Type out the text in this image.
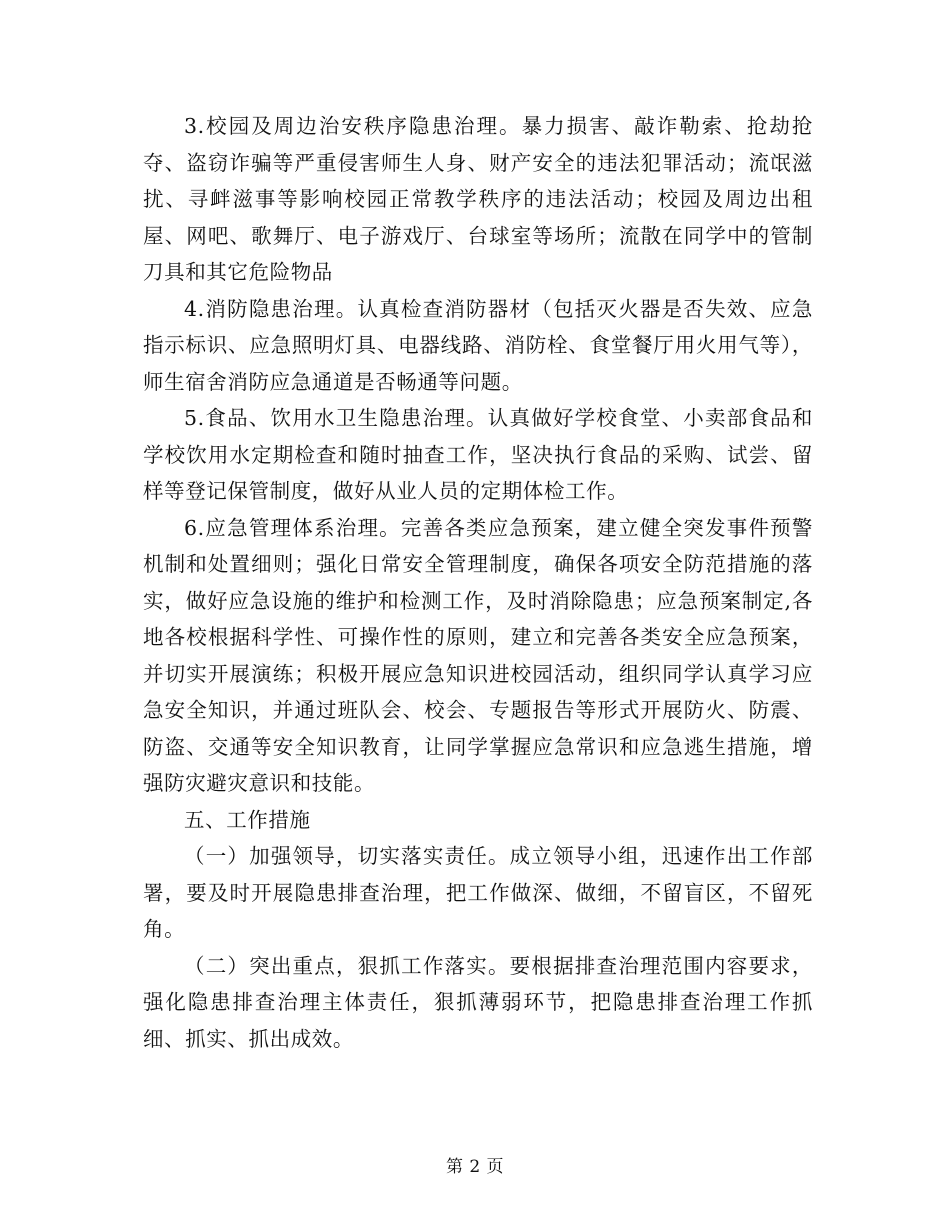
3.校园及周边治安秩序隐患治理。暴力损害、敲诈勒索、抢劫抢夺、盗窃诈骗等严重侵害师生人身、财产安全的违法犯罪活动；流氓滋扰、寻衅滋事等影响校园正常教学秩序的违法活动；校园及周边出租屋、网吧、歌舞厅、电子游戏厅、台球室等场所；流散在同学中的管制刀具和其它危险物品

4.消防隐患治理。认真检查消防器材（包括灭火器是否失效、应急指示标识、应急照明灯具、电器线路、消防栓、食堂餐厅用火用气等），师生宿舍消防应急通道是否畅通等问题。

5.食品、饮用水卫生隐患治理。认真做好学校食堂、小卖部食品和学校饮用水定期检查和随时抽查工作，坚决执行食品的采购、试尝、留样等登记保管制度，做好从业人员的定期体检工作。

6.应急管理体系治理。完善各类应急预案，建立健全突发事件预警机制和处置细则；强化日常安全管理制度，确保各项安全防范措施的落实，做好应急设施的维护和检测工作，及时消除隐患；应急预案制定,各地各校根据科学性、可操作性的原则，建立和完善各类安全应急预案，并切实开展演练；积极开展应急知识进校园活动，组织同学认真学习应急安全知识，并通过班队会、校会、专题报告等形式开展防火、防震、防盗、交通等安全知识教育，让同学掌握应急常识和应急逃生措施，增强防灾避灾意识和技能。

五、工作措施

（一）加强领导，切实落实责任。成立领导小组，迅速作出工作部署，要及时开展隐患排查治理，把工作做深、做细，不留盲区，不留死角。

（二）突出重点，狠抓工作落实。要根据排查治理范围内容要求，强化隐患排查治理主体责任，狠抓薄弱环节，把隐患排查治理工作抓细、抓实、抓出成效。

第 2 页
